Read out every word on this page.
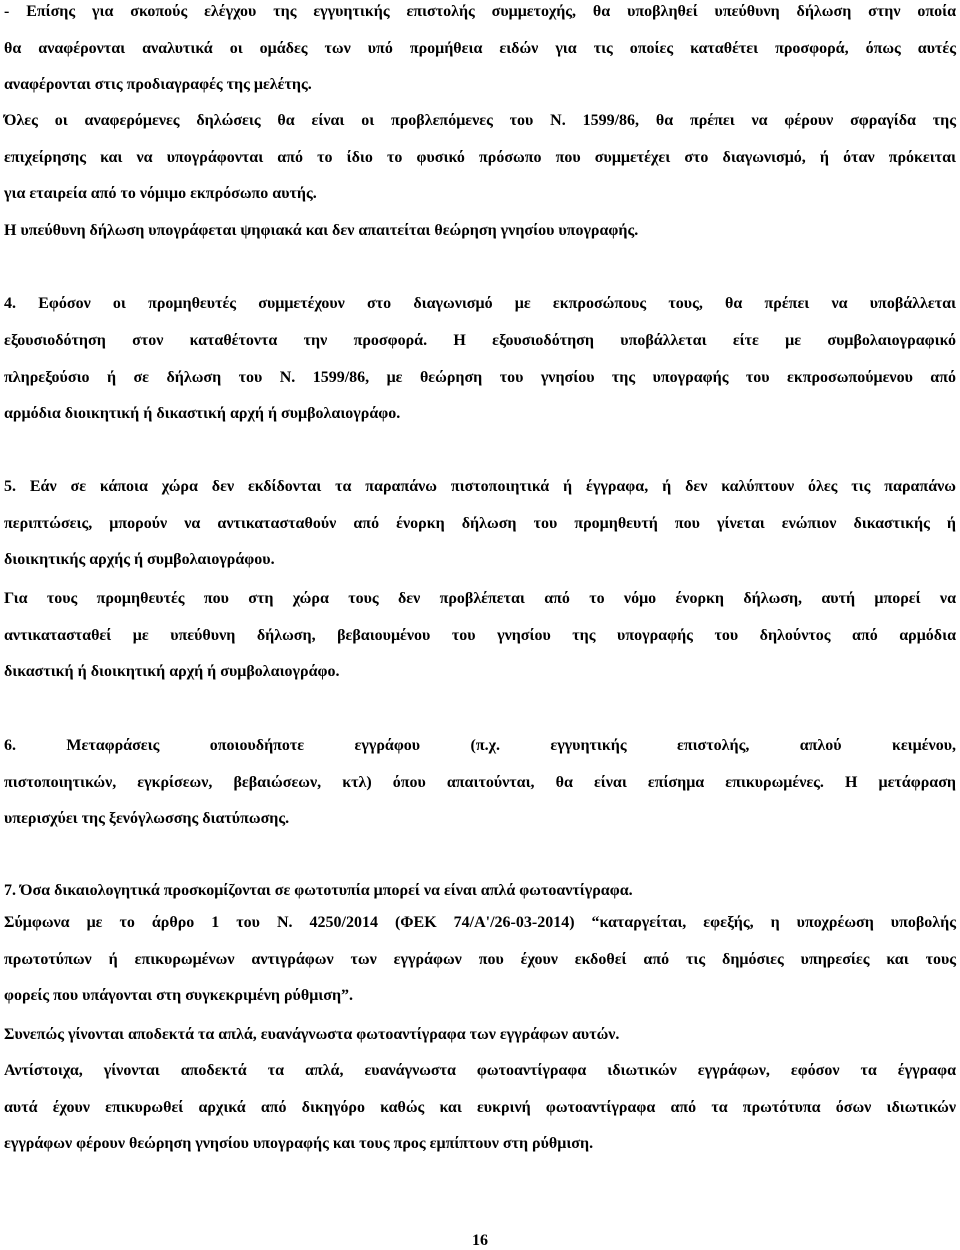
- Επίσης για σκοπούς ελέγχου της εγγυητικής επιστολής συμμετοχής, θα υποβληθεί υπεύθυνη δήλωση στην οποία
θα αναφέρονται αναλυτικά οι ομάδες των υπό προμήθεια ειδών για τις οποίες καταθέτει προσφορά, όπως αυτές
αναφέρονται στις προδιαγραφές της μελέτης.
Όλες οι αναφερόμενες δηλώσεις θα είναι οι προβλεπόμενες του Ν. 1599/86, θα πρέπει να φέρουν σφραγίδα της
επιχείρησης και να υπογράφονται από το ίδιο το φυσικό πρόσωπο που συμμετέχει στο διαγωνισμό, ή όταν πρόκειται
για εταιρεία από το νόμιμο εκπρόσωπο αυτής.
Η υπεύθυνη δήλωση υπογράφεται ψηφιακά και δεν απαιτείται θεώρηση γνησίου υπογραφής.
4. Εφόσον οι προμηθευτές συμμετέχουν στο διαγωνισμό με εκπροσώπους τους, θα πρέπει να υποβάλλεται
εξουσιοδότηση στον καταθέτοντα την προσφορά. Η εξουσιοδότηση υποβάλλεται είτε με συμβολαιογραφικό
πληρεξούσιο ή σε δήλωση του Ν. 1599/86, με θεώρηση του γνησίου της υπογραφής του εκπροσωπούμενου από
αρμόδια διοικητική ή δικαστική αρχή ή συμβολαιογράφο.
5. Εάν σε κάποια χώρα δεν εκδίδονται τα παραπάνω πιστοποιητικά ή έγγραφα, ή δεν καλύπτουν όλες τις παραπάνω
περιπτώσεις, μπορούν να αντικατασταθούν από ένορκη δήλωση του προμηθευτή που γίνεται ενώπιον δικαστικής ή
διοικητικής αρχής ή συμβολαιογράφου.
Για τους προμηθευτές που στη χώρα τους δεν προβλέπεται από το νόμο ένορκη δήλωση, αυτή μπορεί να
αντικατασταθεί με υπεύθυνη δήλωση, βεβαιουμένου του γνησίου της υπογραφής του δηλούντος από αρμόδια
δικαστική ή διοικητική αρχή ή συμβολαιογράφο.
6. Μεταφράσεις οποιουδήποτε εγγράφου (π.χ. εγγυητικής επιστολής, απλού κειμένου,
πιστοποιητικών, εγκρίσεων, βεβαιώσεων, κτλ) όπου απαιτούνται, θα είναι επίσημα επικυρωμένες. Η μετάφραση
υπερισχύει της ξενόγλωσσης διατύπωσης.
7. Όσα δικαιολογητικά προσκομίζονται σε φωτοτυπία μπορεί να είναι απλά φωτοαντίγραφα.
Σύμφωνα με το άρθρο 1 του Ν. 4250/2014 (ΦΕΚ 74/Α'/26-03-2014) “καταργείται, εφεξής, η υποχρέωση υποβολής
πρωτοτύπων ή επικυρωμένων αντιγράφων των εγγράφων που έχουν εκδοθεί από τις δημόσιες υπηρεσίες και τους
φορείς που υπάγονται στη συγκεκριμένη ρύθμιση”.
Συνεπώς γίνονται αποδεκτά τα απλά, ευανάγνωστα φωτοαντίγραφα των εγγράφων αυτών.
Αντίστοιχα, γίνονται αποδεκτά τα απλά, ευανάγνωστα φωτοαντίγραφα ιδιωτικών εγγράφων, εφόσον τα έγγραφα
αυτά έχουν επικυρωθεί αρχικά από δικηγόρο καθώς και ευκρινή φωτοαντίγραφα από τα πρωτότυπα όσων ιδιωτικών
εγγράφων φέρουν θεώρηση γνησίου υπογραφής και τους προς εμπίπτουν στη ρύθμιση.
16
